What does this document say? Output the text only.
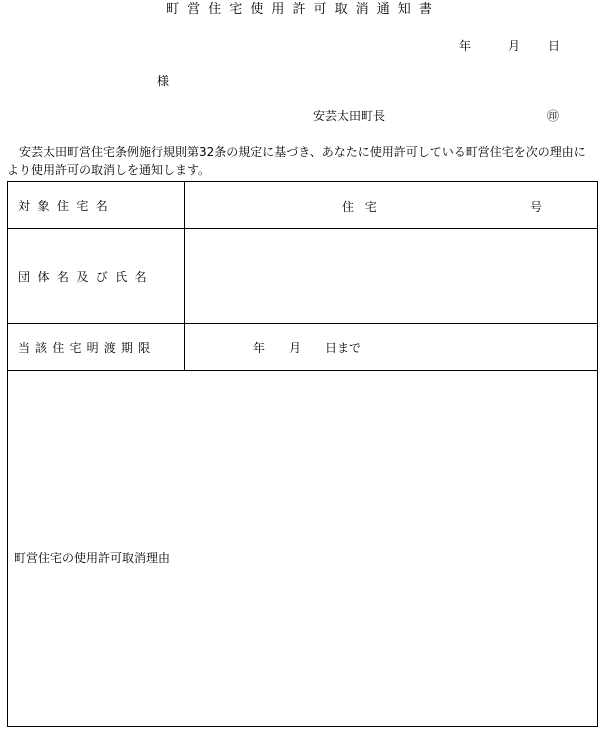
町営住宅使用許可取消通知書
年	月 日
様
安芸太田町長	㊞
安芸太田町営住宅条例施行規則第32条の規定に基づき、あなたに使用許可している町営住宅を次の理由により使用許可の取消しを通知します。
対象住宅名	住宅 号

団体名及び氏名	
当該住宅明渡期限	年　　月　　日まで

町営住宅の使用許可取消理由	
